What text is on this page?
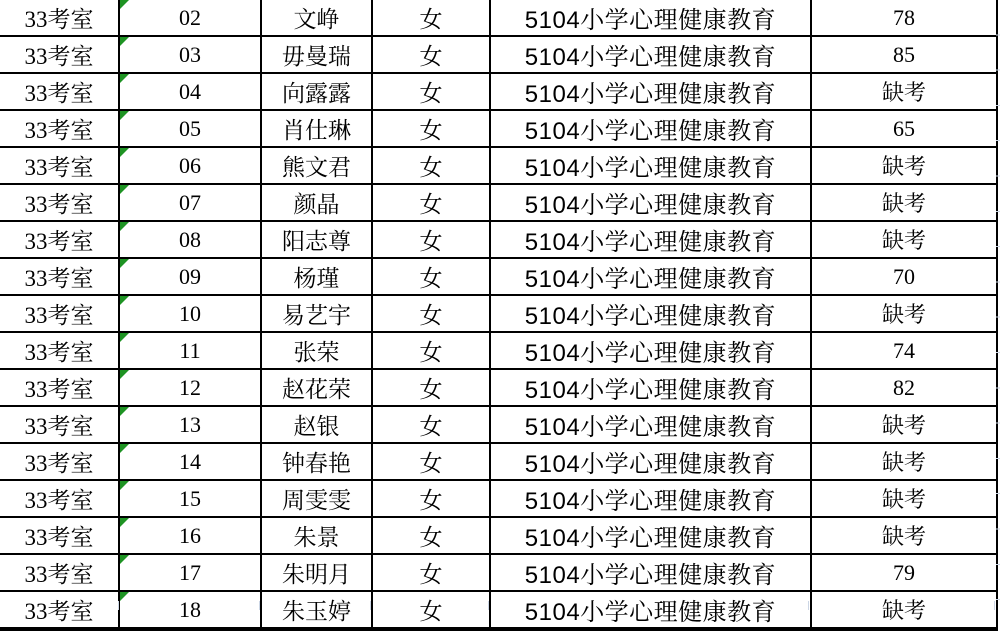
33考室	02	文峥	女	5104小学心理健康教育	78
33考室	03	毋曼瑞	女	5104小学心理健康教育	85
33考室	04	向露露	女	5104小学心理健康教育	缺考
33考室	05	肖仕琳	女	5104小学心理健康教育	65
33考室	06	熊文君	女	5104小学心理健康教育	缺考
33考室	07	颜晶	女	5104小学心理健康教育	缺考
33考室	08	阳志尊	女	5104小学心理健康教育	缺考
33考室	09	杨瑾	女	5104小学心理健康教育	70
33考室	10	易艺宇	女	5104小学心理健康教育	缺考
33考室	11	张荣	女	5104小学心理健康教育	74
33考室	12	赵花荣	女	5104小学心理健康教育	82
33考室	13	赵银	女	5104小学心理健康教育	缺考
33考室	14	钟春艳	女	5104小学心理健康教育	缺考
33考室	15	周雯雯	女	5104小学心理健康教育	缺考
33考室	16	朱景	女	5104小学心理健康教育	缺考
33考室	17	朱明月	女	5104小学心理健康教育	79
33考室	18	朱玉婷	女	5104小学心理健康教育	缺考
